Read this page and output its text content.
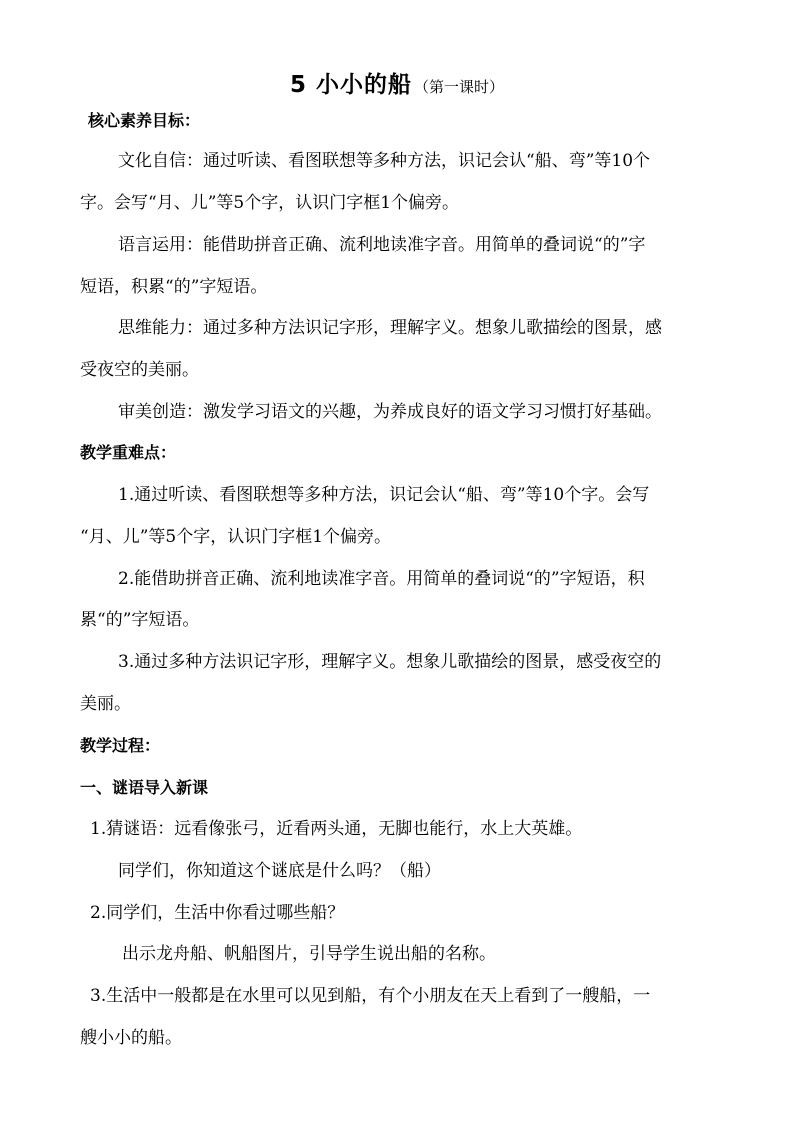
5 小小的船 （第一课时）
核心素养目标：
文化自信：通过听读、看图联想等多种方法，识记会认“船、弯”等10个
字。会写“月、儿”等5个字，认识门字框1个偏旁。
语言运用：能借助拼音正确、流利地读准字音。用简单的叠词说“的”字
短语，积累“的”字短语。
思维能力：通过多种方法识记字形，理解字义。想象儿歌描绘的图景，感
受夜空的美丽。
审美创造：激发学习语文的兴趣，为养成良好的语文学习习惯打好基础。
教学重难点：
1.通过听读、看图联想等多种方法，识记会认“船、弯”等10个字。会写
“月、儿”等5个字，认识门字框1个偏旁。
2.能借助拼音正确、流利地读准字音。用简单的叠词说“的”字短语，积
累“的”字短语。
3.通过多种方法识记字形，理解字义。想象儿歌描绘的图景，感受夜空的
美丽。
教学过程：
一、谜语导入新课
1.猜谜语：远看像张弓，近看两头通，无脚也能行，水上大英雄。
同学们，你知道这个谜底是什么吗？（船）
2.同学们，生活中你看过哪些船？
出示龙舟船、帆船图片，引导学生说出船的名称。
3.生活中一般都是在水里可以见到船，有个小朋友在天上看到了一艘船，一
艘小小的船。
